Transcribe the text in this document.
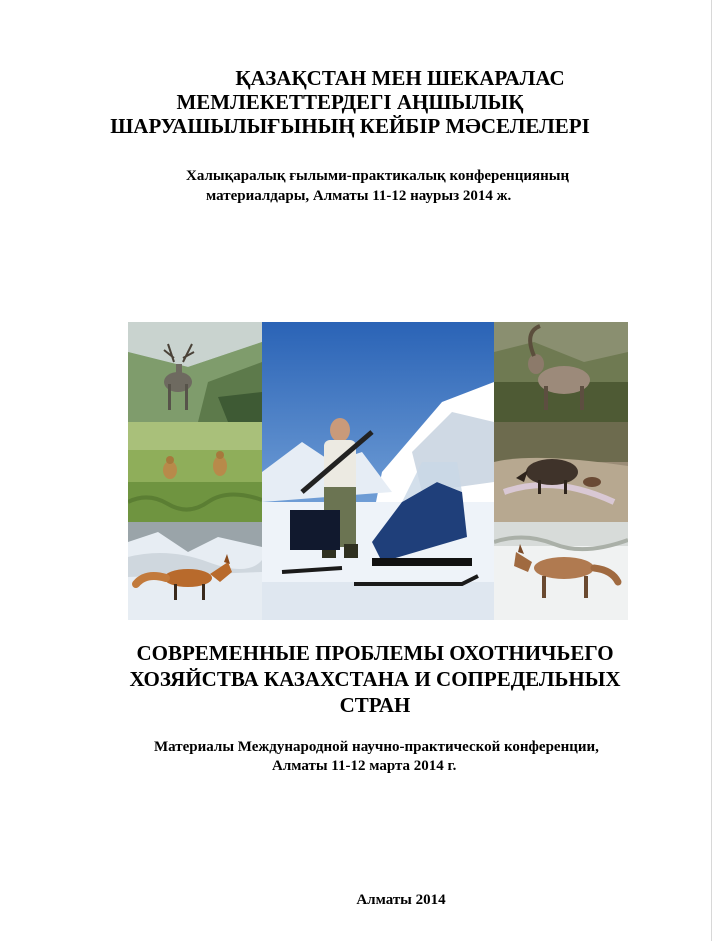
ҚАЗАҚСТАН МЕН ШЕКАРАЛАС
МЕМЛЕКЕТТЕРДЕГІ АҢШЫЛЫҚ
ШАРУАШЫЛЫҒЫНЫҢ КЕЙБІР МӘСЕЛЕЛЕРІ
Халықаралық ғылыми-практикалық конференцияның
материалдары, Алматы 11-12 наурыз 2014 ж.
СОВРЕМЕННЫЕ ПРОБЛЕМЫ ОХОТНИЧЬЕГО
ХОЗЯЙСТВА КАЗАХСТАНА И СОПРЕДЕЛЬНЫХ
СТРАН
Материалы Международной научно-практической конференции,
Алматы 11-12 марта 2014 г.
Алматы 2014
